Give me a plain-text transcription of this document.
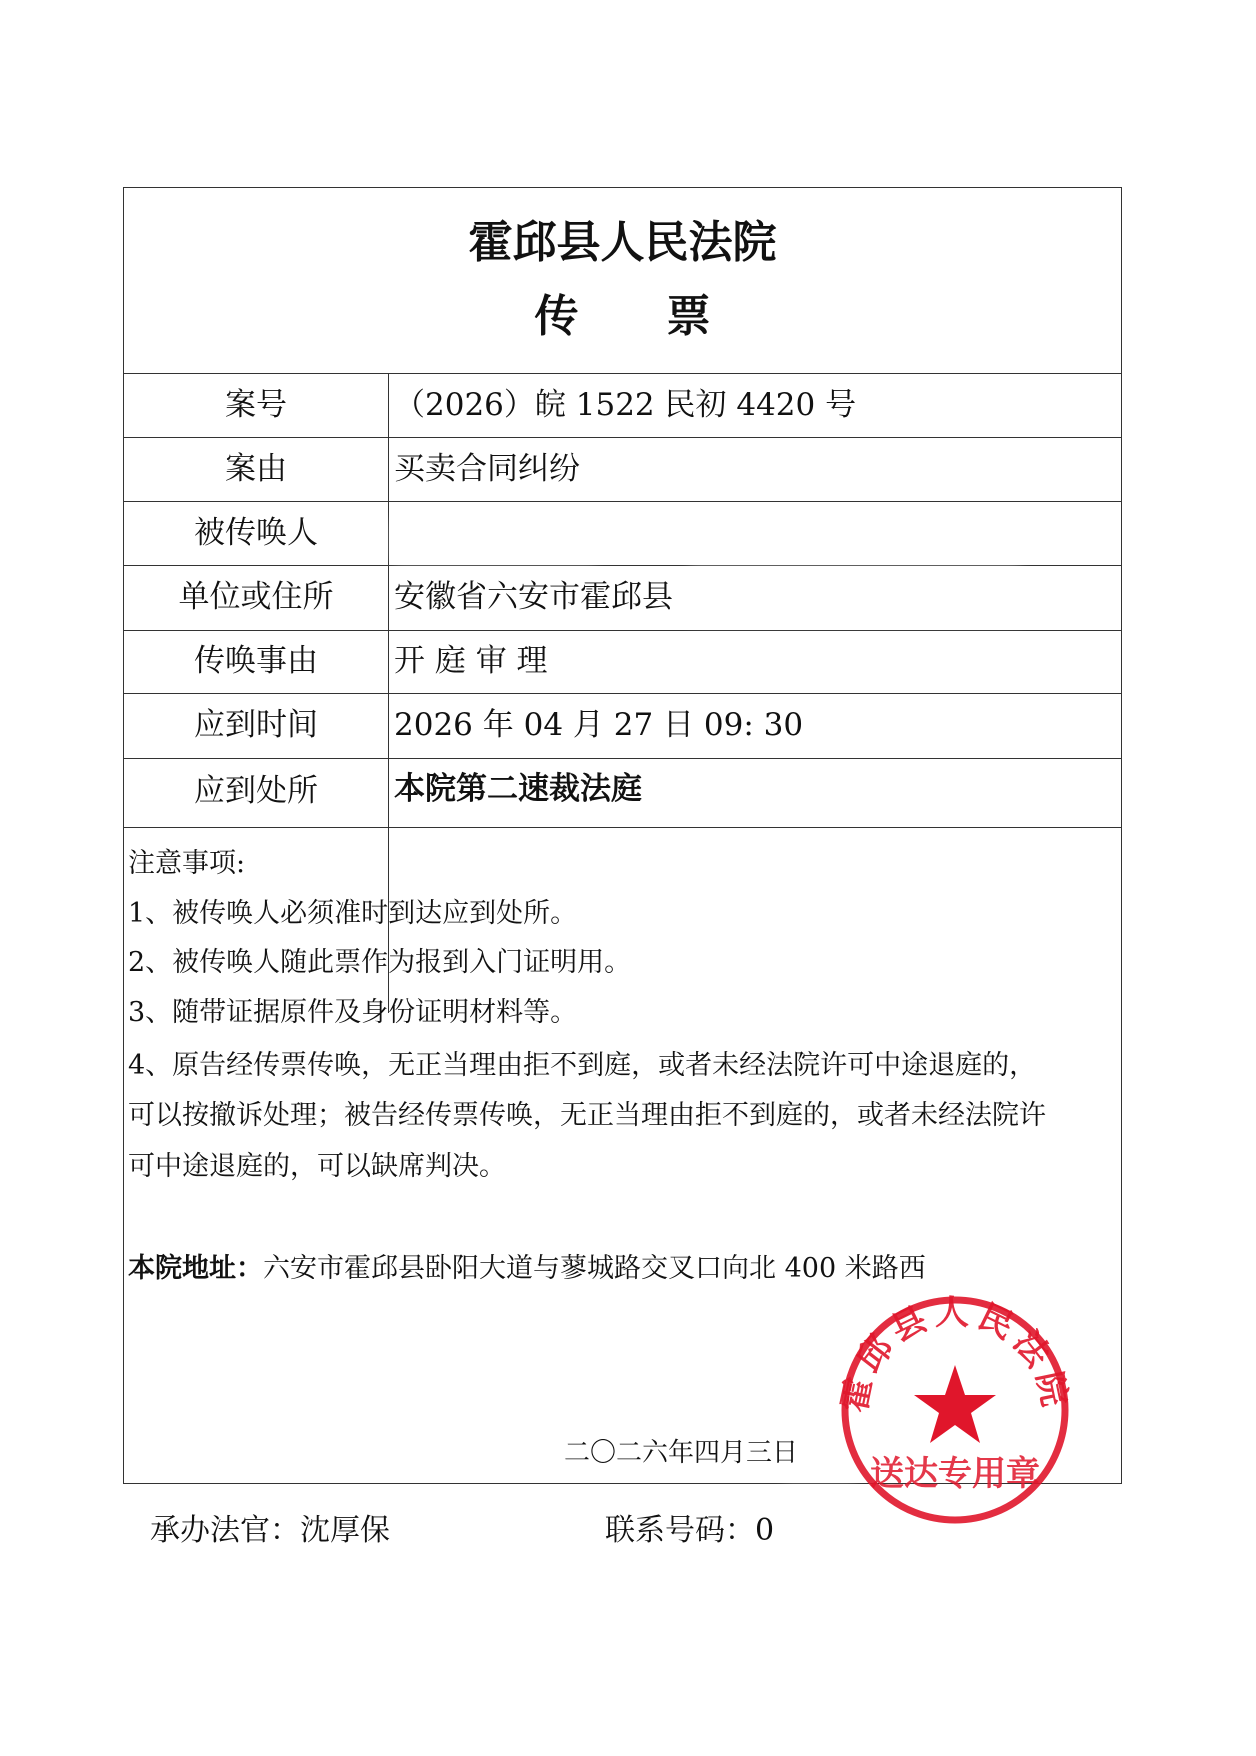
霍邱县人民法院
传　　票
案号	（2026）皖 1522 民初 4420 号
案由	买卖合同纠纷
被传唤人
单位或住所	安徽省六安市霍邱县
传唤事由	开 庭 审 理
应到时间	2026 年 04 月 27 日 09: 30
应到处所	本院第二速裁法庭
注意事项:
1、被传唤人必须准时到达应到处所。
2、被传唤人随此票作为报到入门证明用。
3、随带证据原件及身份证明材料等。
4、原告经传票传唤，无正当理由拒不到庭，或者未经法院许可中途退庭的，
可以按撤诉处理；被告经传票传唤，无正当理由拒不到庭的，或者未经法院许
可中途退庭的，可以缺席判决。
本院地址：六安市霍邱县卧阳大道与蓼城路交叉口向北 400 米路西
二〇二六年四月三日
霍邱县人民法院
送达专用章
承办法官：沈厚保	联系号码：0
